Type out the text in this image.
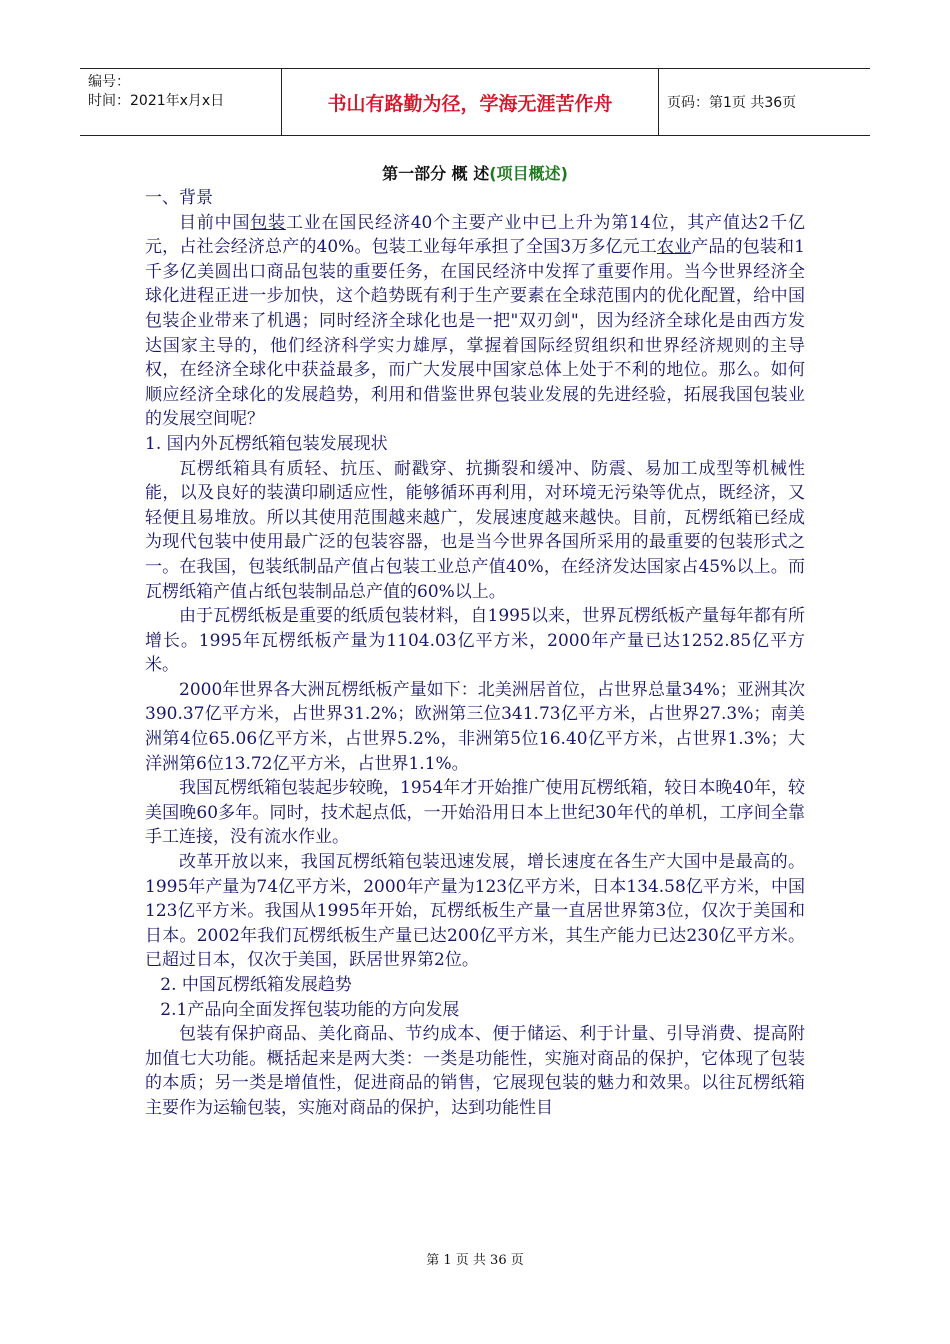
编号：
时间：2021年x月x日	书山有路勤为径，学海无涯苦作舟	页码：第1页 共36页
第一部分 概 述(项目概述)

一、背景

目前中国包装工业在国民经济40个主要产业中已上升为第14位，其产值达2千亿元，占社会经济总产的40%。包装工业每年承担了全国3万多亿元工农业产品的包装和1千多亿美圆出口商品包装的重要任务，在国民经济中发挥了重要作用。当今世界经济全球化进程正进一步加快，这个趋势既有利于生产要素在全球范围内的优化配置，给中国包装企业带来了机遇；同时经济全球化也是一把"双刃剑"，因为经济全球化是由西方发达国家主导的，他们经济科学实力雄厚，掌握着国际经贸组织和世界经济规则的主导权，在经济全球化中获益最多，而广大发展中国家总体上处于不利的地位。那么。如何顺应经济全球化的发展趋势，利用和借鉴世界包装业发展的先进经验，拓展我国包装业的发展空间呢？

1. 国内外瓦楞纸箱包装发展现状

瓦楞纸箱具有质轻、抗压、耐戳穿、抗撕裂和缓冲、防震、易加工成型等机械性能，以及良好的装潢印刷适应性，能够循环再利用，对环境无污染等优点，既经济，又轻便且易堆放。所以其使用范围越来越广，发展速度越来越快。目前，瓦楞纸箱已经成为现代包装中使用最广泛的包装容器，也是当今世界各国所采用的最重要的包装形式之一。在我国，包装纸制品产值占包装工业总产值40%，在经济发达国家占45%以上。而瓦楞纸箱产值占纸包装制品总产值的60%以上。

由于瓦楞纸板是重要的纸质包装材料，自1995以来，世界瓦楞纸板产量每年都有所增长。1995年瓦楞纸板产量为1104.03亿平方米，2000年产量已达1252.85亿平方米。

2000年世界各大洲瓦楞纸板产量如下：北美洲居首位，占世界总量34%；亚洲其次390.37亿平方米，占世界31.2%；欧洲第三位341.73亿平方米，占世界27.3%；南美洲第4位65.06亿平方米，占世界5.2%，非洲第5位16.40亿平方米，占世界1.3%；大洋洲第6位13.72亿平方米，占世界1.1%。

我国瓦楞纸箱包装起步较晚，1954年才开始推广使用瓦楞纸箱，较日本晚40年，较美国晚60多年。同时，技术起点低，一开始沿用日本上世纪30年代的单机，工序间全靠手工连接，没有流水作业。

改革开放以来，我国瓦楞纸箱包装迅速发展，增长速度在各生产大国中是最高的。1995年产量为74亿平方米，2000年产量为123亿平方米，日本134.58亿平方米，中国123亿平方米。我国从1995年开始，瓦楞纸板生产量一直居世界第3位，仅次于美国和日本。2002年我们瓦楞纸板生产量已达200亿平方米，其生产能力已达230亿平方米。已超过日本，仅次于美国，跃居世界第2位。

2. 中国瓦楞纸箱发展趋势

2.1产品向全面发挥包装功能的方向发展

包装有保护商品、美化商品、节约成本、便于储运、利于计量、引导消费、提高附加值七大功能。概括起来是两大类：一类是功能性，实施对商品的保护，它体现了包装的本质；另一类是增值性，促进商品的销售，它展现包装的魅力和效果。以往瓦楞纸箱主要作为运输包装，实施对商品的保护，达到功能性目

第 1 页 共 36 页
